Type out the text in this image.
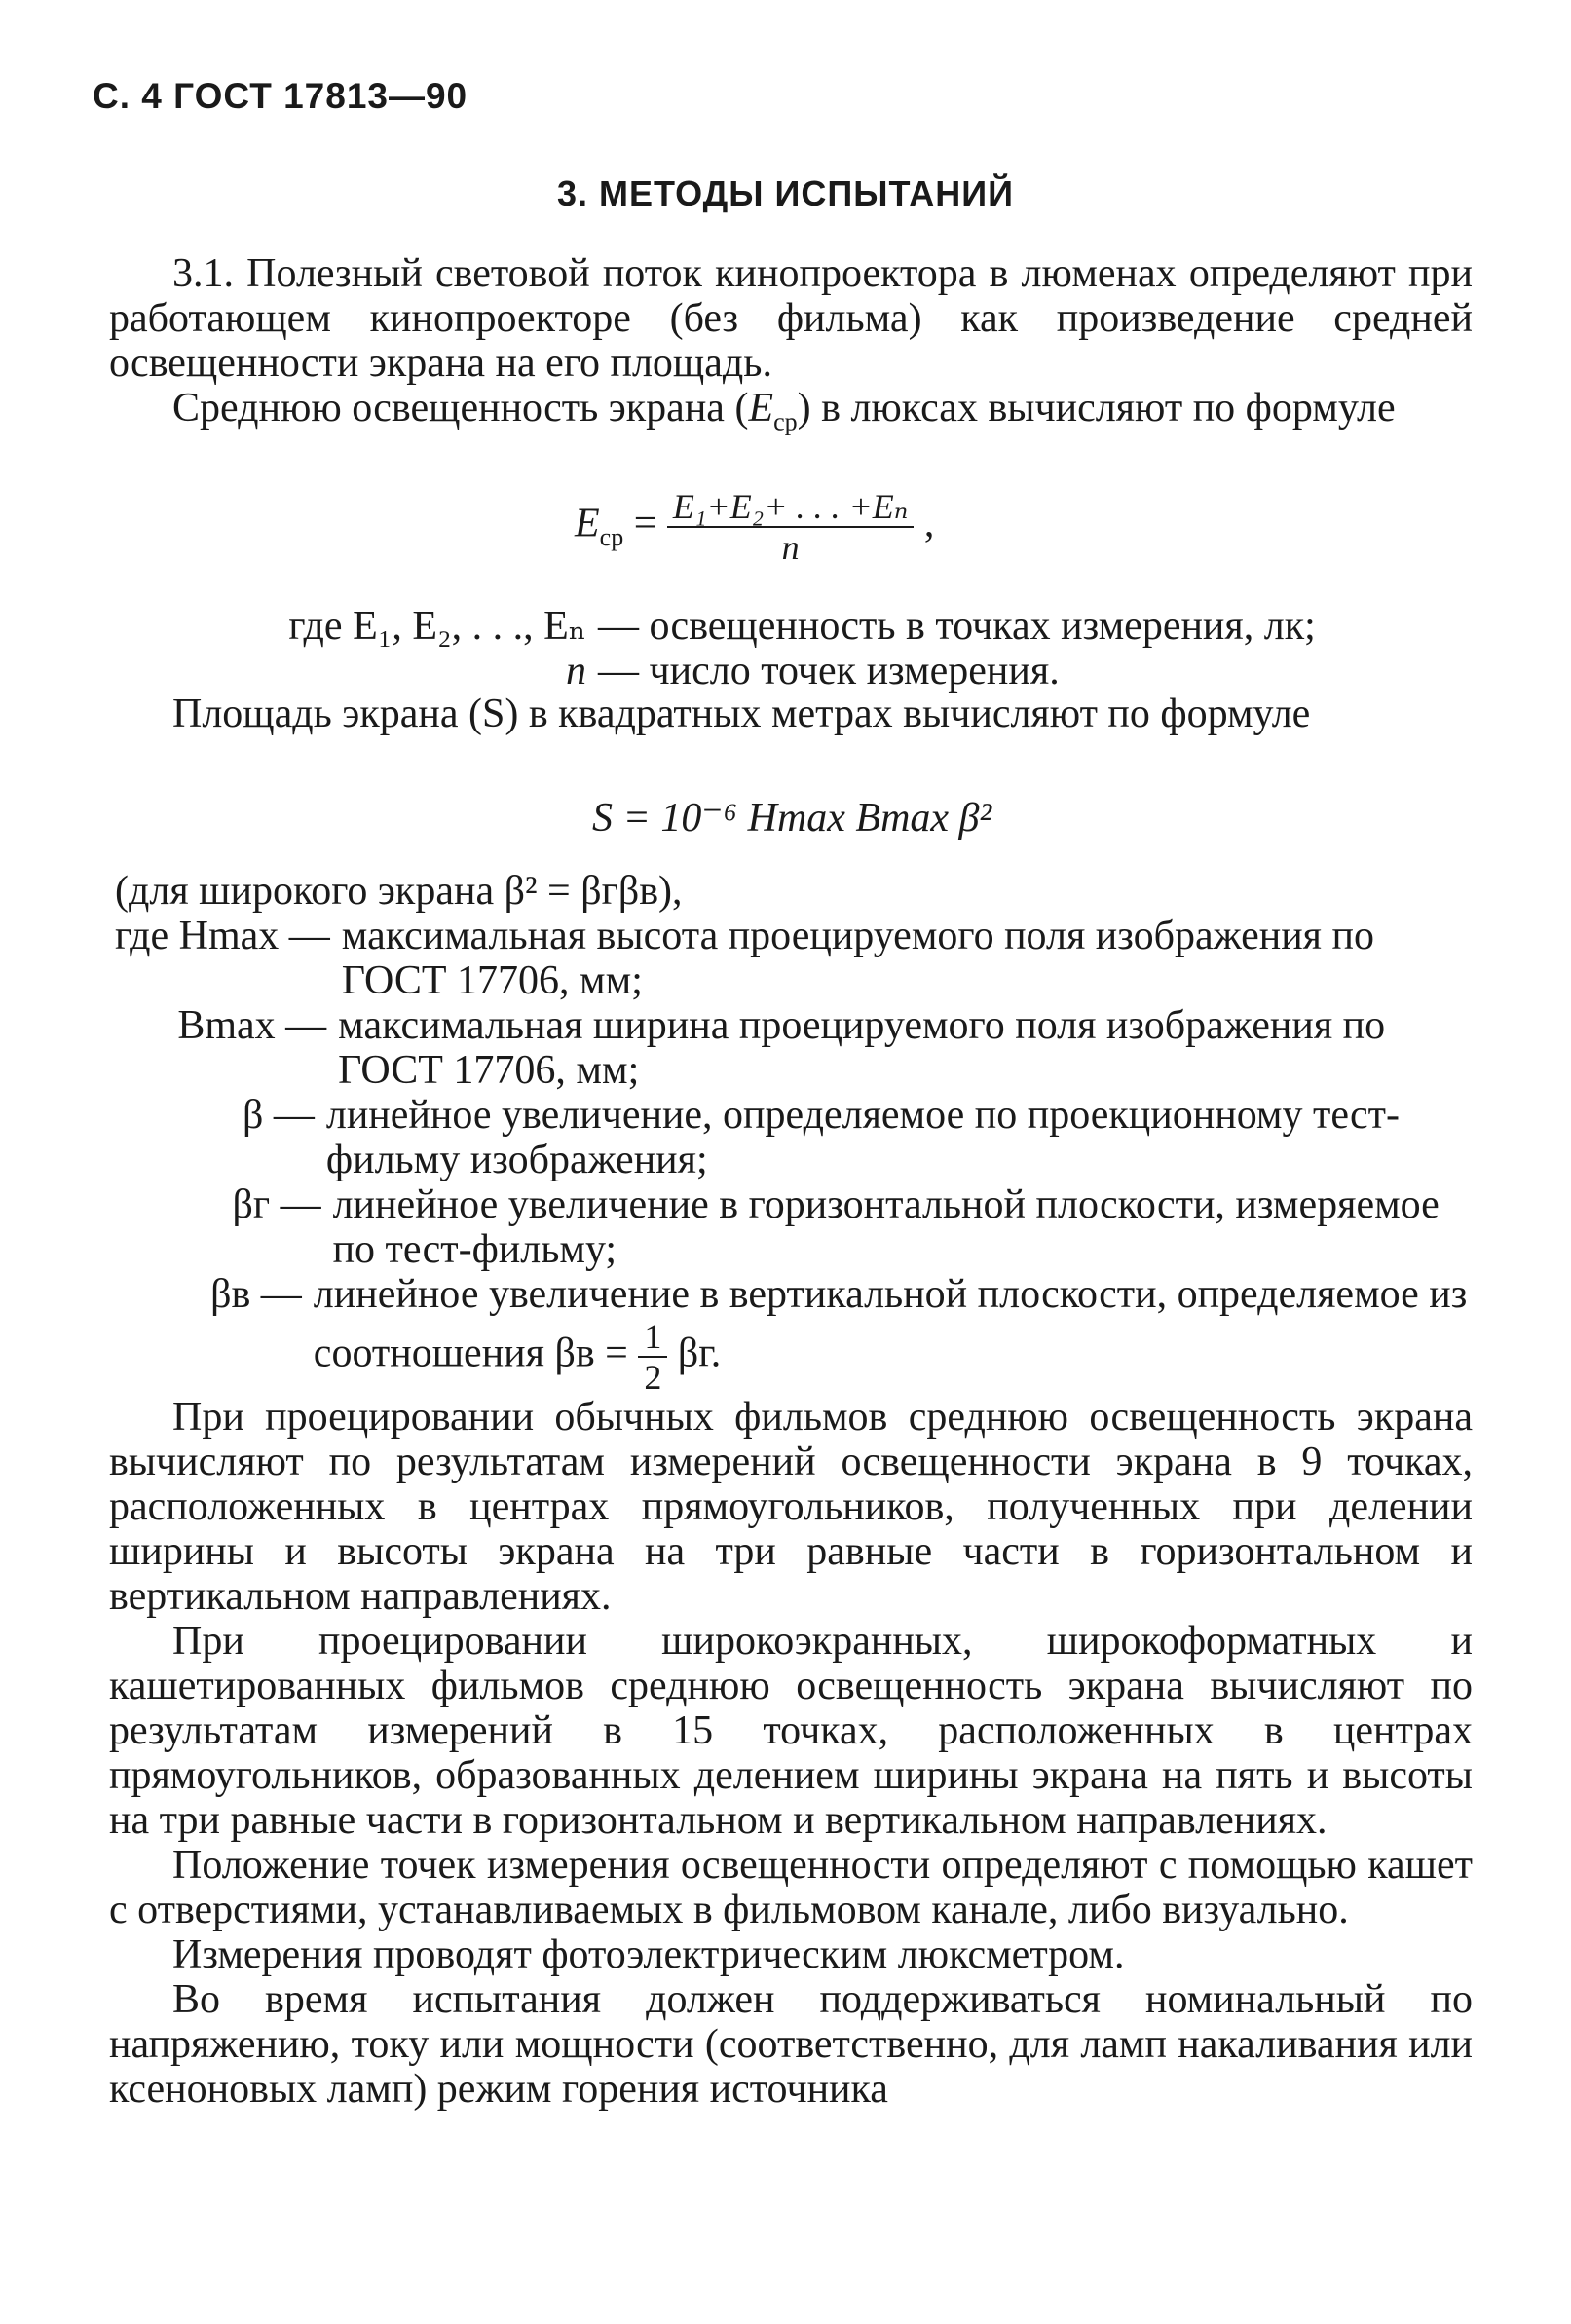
С. 4 ГОСТ 17813—90
3. МЕТОДЫ ИСПЫТАНИЙ

3.1. Полезный световой поток кинопроектора в люменах определяют при работающем кинопроекторе (без фильма) как произведение средней освещенности экрана на его площадь.

Среднюю освещенность экрана $(E_{ср})$ в люксах вычисляют по формуле

$E_{ср} = \frac{\text{E₁+E₂+ . . . +Eₙ}}{n}$ ,
где E₁, E₂, . . ., Eₙ — освещенность в точках измерения, лк;
n — число точек измерения.

Площадь экрана (S) в квадратных метрах вычисляют по формуле

S = 10⁻⁶ Hmax Bmax β²
(для широкого экрана β² = βгβв),
где Hmax — максимальная высота проецируемого поля изображения по ГОСТ 17706, мм;
Bmax — максимальная ширина проецируемого поля изображения по ГОСТ 17706, мм;
β — линейное увеличение, определяемое по проекционному тест-фильму изображения;
βг — линейное увеличение в горизонтальной плоскости, измеряемое по тест-фильму;
βв — линейное увеличение в вертикальной плоскости, определяемое из соотношения $\beta в = \frac{1}{2} \beta г$.

При проецировании обычных фильмов среднюю освещенность экрана вычисляют по результатам измерений освещенности экрана в 9 точках, расположенных в центрах прямоугольников, полученных при делении ширины и высоты экрана на три равные части в горизонтальном и вертикальном направлениях.

При проецировании широкоэкранных, широкоформатных и кашетированных фильмов среднюю освещенность экрана вычисляют по результатам измерений в 15 точках, расположенных в центрах прямоугольников, образованных делением ширины экрана на пять и высоты на три равные части в горизонтальном и вертикальном направлениях.

Положение точек измерения освещенности определяют с помощью кашет с отверстиями, устанавливаемых в фильмовом канале, либо визуально.

Измерения проводят фотоэлектрическим люксметром.

Во время испытания должен поддерживаться номинальный по напряжению, току или мощности (соответственно, для ламп накаливания или ксеноновых ламп) режим горения источника
